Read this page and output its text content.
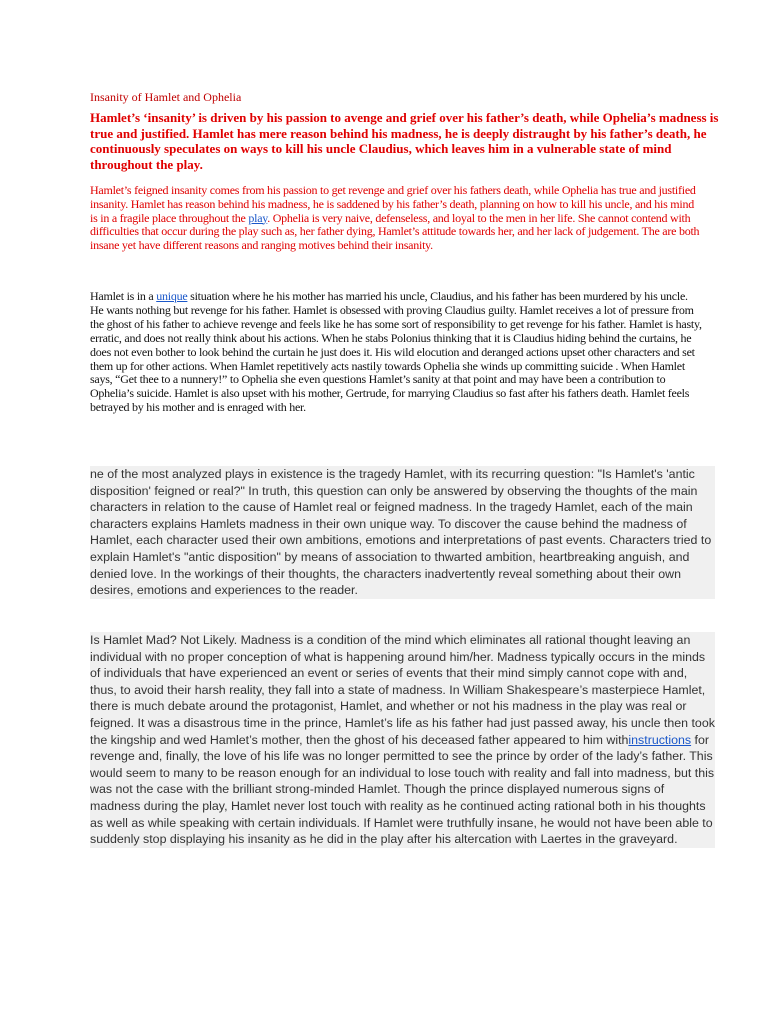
Insanity of Hamlet and Ophelia

Hamlet’s ‘insanity’ is driven by his passion to avenge and grief over his father’s death, while Ophelia’s madness is true and justified. Hamlet has mere reason behind his madness, he is deeply distraught by his father’s death, he continuously speculates on ways to kill his uncle Claudius, which leaves him in a vulnerable state of mind throughout the play.

Hamlet’s feigned insanity comes from his passion to get revenge and grief over his fathers death, while Ophelia has true and justified insanity. Hamlet has reason behind his madness, he is saddened by his father’s death, planning on how to kill his uncle, and his mind is in a fragile place throughout the play. Ophelia is very naive, defenseless, and loyal to the men in her life. She cannot contend with difficulties that occur during the play such as, her father dying, Hamlet’s attitude towards her, and her lack of judgement. The are both insane yet have different reasons and ranging motives behind their insanity.

Hamlet is in a unique situation where he his mother has married his uncle, Claudius, and his father has been murdered by his uncle. He wants nothing but revenge for his father. Hamlet is obsessed with proving Claudius guilty. Hamlet receives a lot of pressure from the ghost of his father to achieve revenge and feels like he has some sort of responsibility to get revenge for his father. Hamlet is hasty, erratic, and does not really think about his actions. When he stabs Polonius thinking that it is Claudius hiding behind the curtains, he does not even bother to look behind the curtain he just does it. His wild elocution and deranged actions upset other characters and set them up for other actions. When Hamlet repetitively acts nastily towards Ophelia she winds up committing suicide . When Hamlet says, “Get thee to a nunnery!” to Ophelia she even questions Hamlet’s sanity at that point and may have been a contribution to Ophelia’s suicide. Hamlet is also upset with his mother, Gertrude, for marrying Claudius so fast after his fathers death. Hamlet feels betrayed by his mother and is enraged with her.

ne of the most analyzed plays in existence is the tragedy Hamlet, with its recurring question: "Is Hamlet's 'antic disposition' feigned or real?" In truth, this question can only be answered by observing the thoughts of the main characters in relation to the cause of Hamlet real or feigned madness. In the tragedy Hamlet, each of the main characters explains Hamlets madness in their own unique way. To discover the cause behind the madness of Hamlet, each character used their own ambitions, emotions and interpretations of past events. Characters tried to explain Hamlet's "antic disposition" by means of association to thwarted ambition, heartbreaking anguish, and denied love. In the workings of their thoughts, the characters inadvertently reveal something about their own desires, emotions and experiences to the reader.

Is Hamlet Mad? Not Likely. Madness is a condition of the mind which eliminates all rational thought leaving an individual with no proper conception of what is happening around him/her. Madness typically occurs in the minds of individuals that have experienced an event or series of events that their mind simply cannot cope with and, thus, to avoid their harsh reality, they fall into a state of madness. In William Shakespeare’s masterpiece Hamlet, there is much debate around the protagonist, Hamlet, and whether or not his madness in the play was real or feigned. It was a disastrous time in the prince, Hamlet’s life as his father had just passed away, his uncle then took the kingship and wed Hamlet’s mother, then the ghost of his deceased father appeared to him withinstructions for revenge and, finally, the love of his life was no longer permitted to see the prince by order of the lady’s father. This would seem to many to be reason enough for an individual to lose touch with reality and fall into madness, but this was not the case with the brilliant strong-minded Hamlet. Though the prince displayed numerous signs of madness during the play, Hamlet never lost touch with reality as he continued acting rational both in his thoughts as well as while speaking with certain individuals. If Hamlet were truthfully insane, he would not have been able to suddenly stop displaying his insanity as he did in the play after his altercation with Laertes in the graveyard.
